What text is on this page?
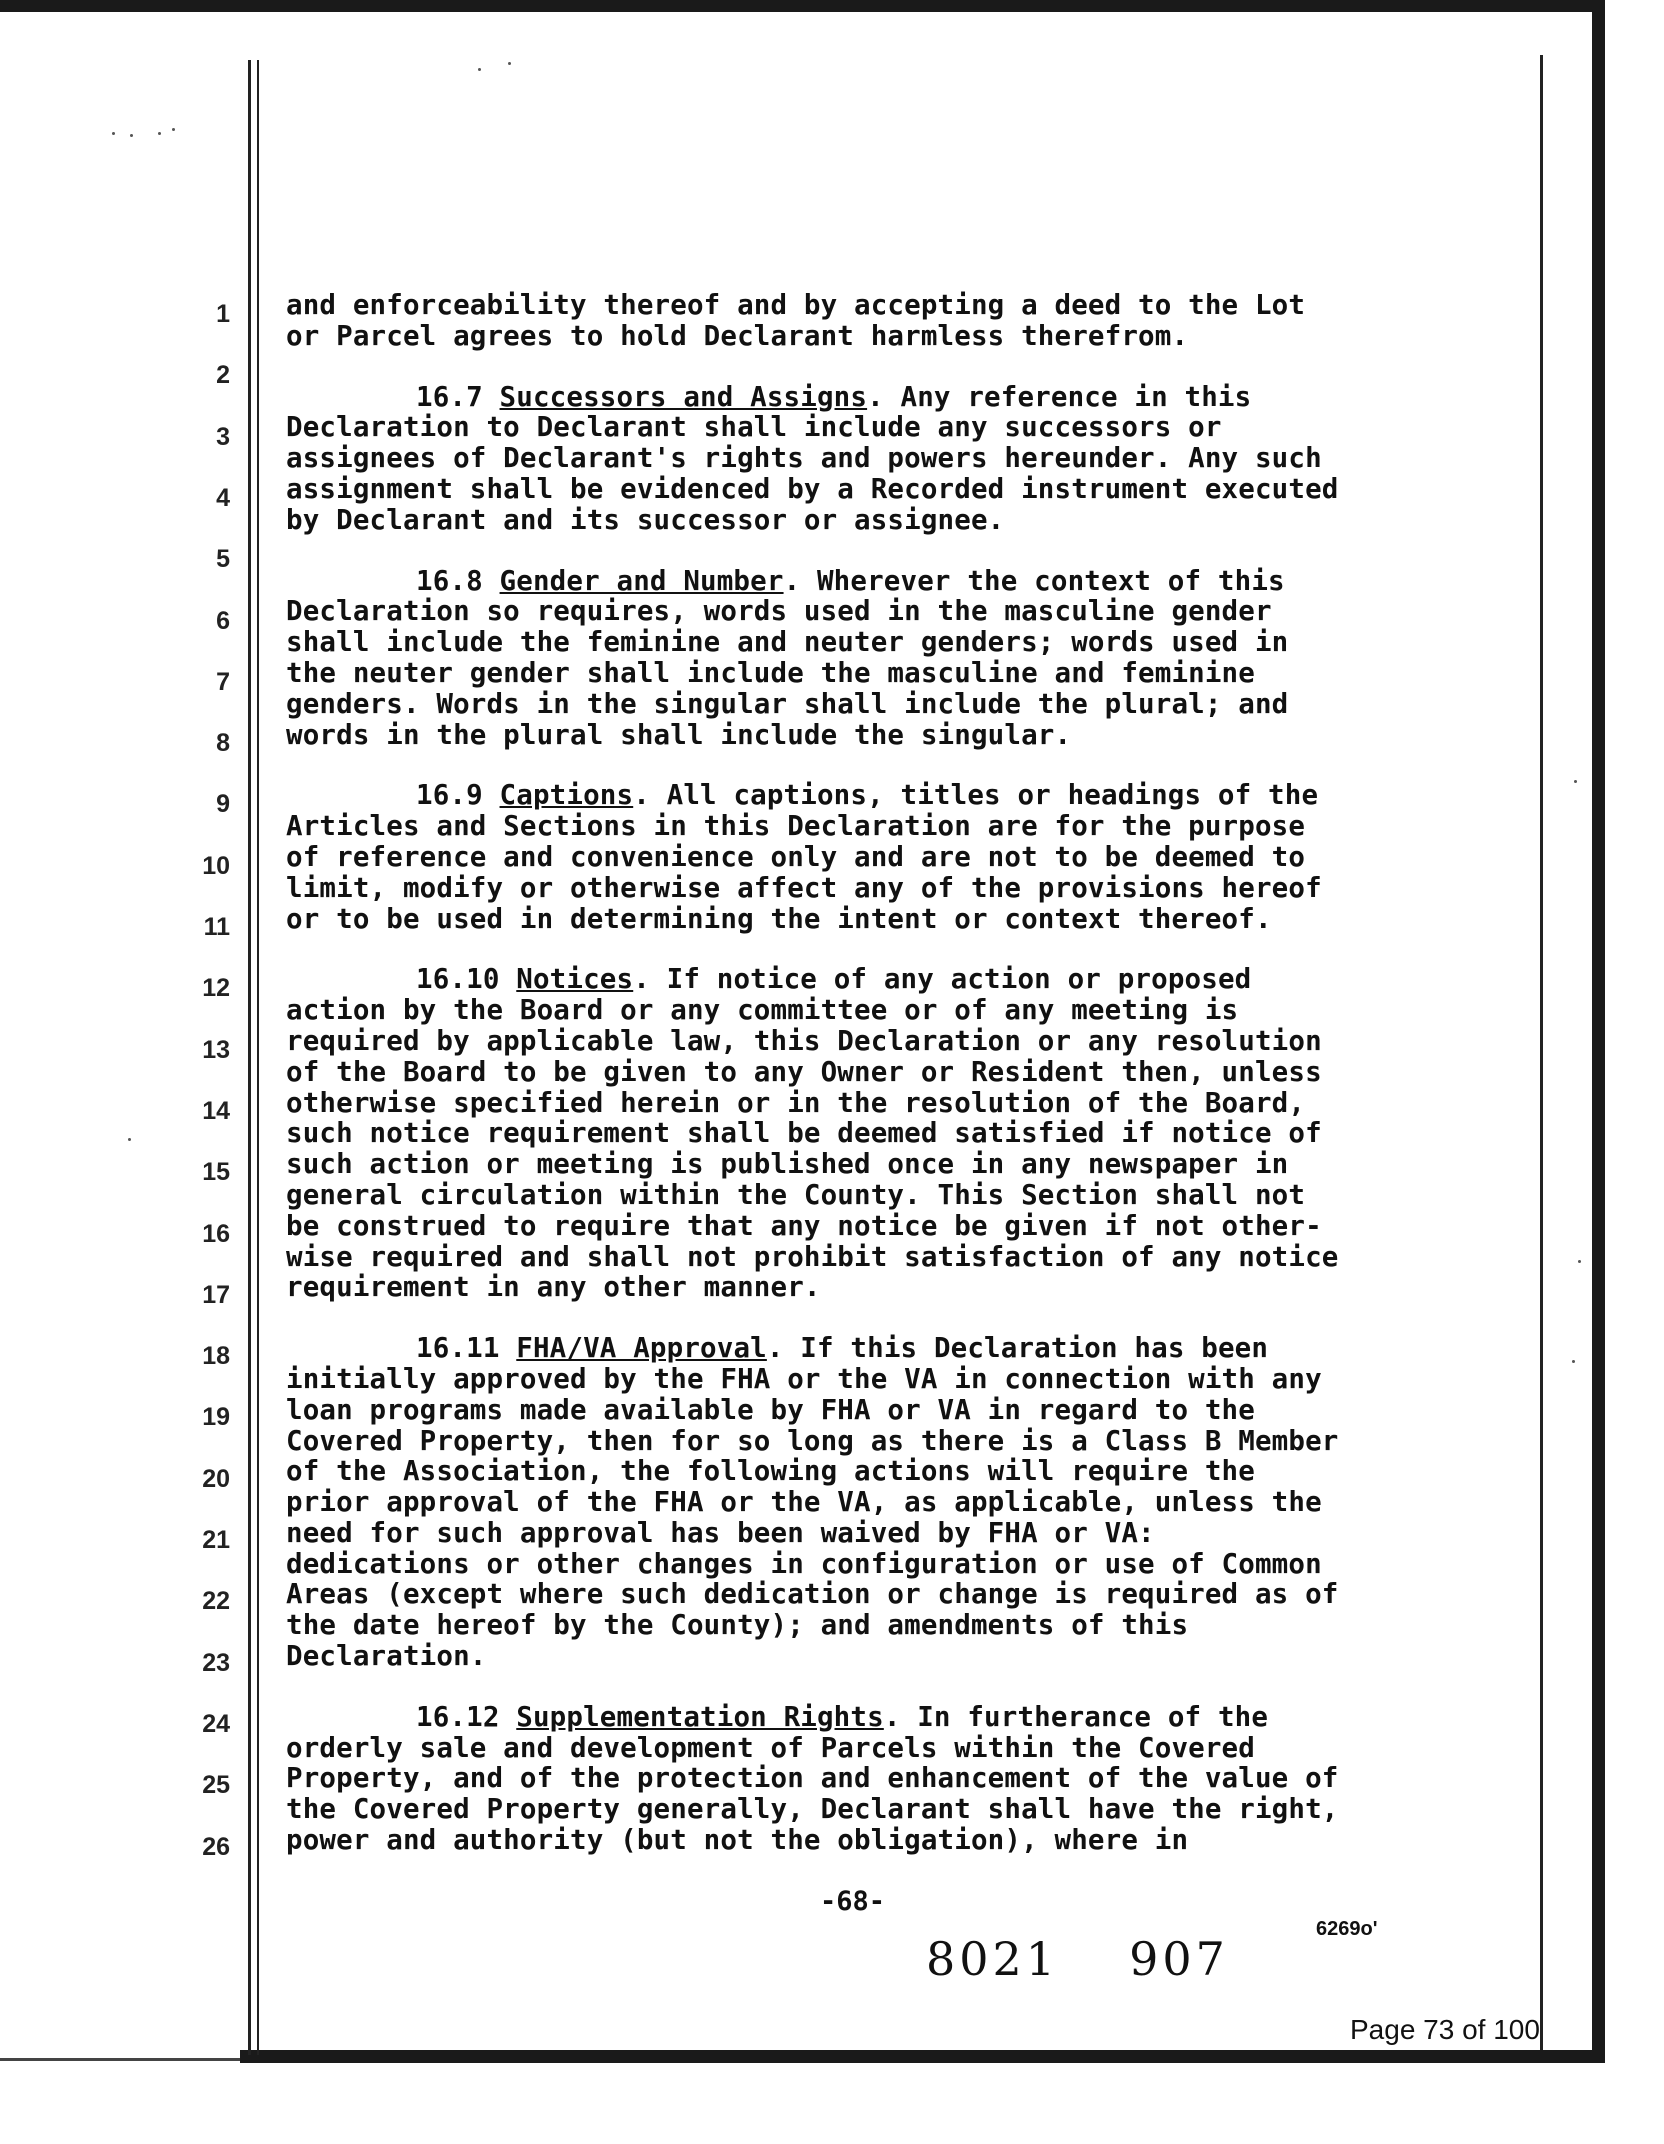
1
2
3
4
5
6
7
8
9
10
11
12
13
14
15
16
17
18
19
20
21
22
23
24
25
26
and enforceability thereof and by accepting a deed to the Lot
or Parcel agrees to hold Declarant harmless therefrom.
16.7 Successors and Assigns. Any reference in this
Declaration to Declarant shall include any successors or
assignees of Declarant's rights and powers hereunder. Any such
assignment shall be evidenced by a Recorded instrument executed
by Declarant and its successor or assignee.
16.8 Gender and Number. Wherever the context of this
Declaration so requires, words used in the masculine gender
shall include the feminine and neuter genders; words used in
the neuter gender shall include the masculine and feminine
genders. Words in the singular shall include the plural; and
words in the plural shall include the singular.
16.9 Captions. All captions, titles or headings of the
Articles and Sections in this Declaration are for the purpose
of reference and convenience only and are not to be deemed to
limit, modify or otherwise affect any of the provisions hereof
or to be used in determining the intent or context thereof.
16.10 Notices. If notice of any action or proposed
action by the Board or any committee or of any meeting is
required by applicable law, this Declaration or any resolution
of the Board to be given to any Owner or Resident then, unless
otherwise specified herein or in the resolution of the Board,
such notice requirement shall be deemed satisfied if notice of
such action or meeting is published once in any newspaper in
general circulation within the County. This Section shall not
be construed to require that any notice be given if not other-
wise required and shall not prohibit satisfaction of any notice
requirement in any other manner.
16.11 FHA/VA Approval. If this Declaration has been
initially approved by the FHA or the VA in connection with any
loan programs made available by FHA or VA in regard to the
Covered Property, then for so long as there is a Class B Member
of the Association, the following actions will require the
prior approval of the FHA or the VA, as applicable, unless the
need for such approval has been waived by FHA or VA:
dedications or other changes in configuration or use of Common
Areas (except where such dedication or change is required as of
the date hereof by the County); and amendments of this
Declaration.
16.12 Supplementation Rights. In furtherance of the
orderly sale and development of Parcels within the Covered
Property, and of the protection and enhancement of the value of
the Covered Property generally, Declarant shall have the right,
power and authority (but not the obligation), where in
-68-
6269o'
8021 907
Page 73 of 100
